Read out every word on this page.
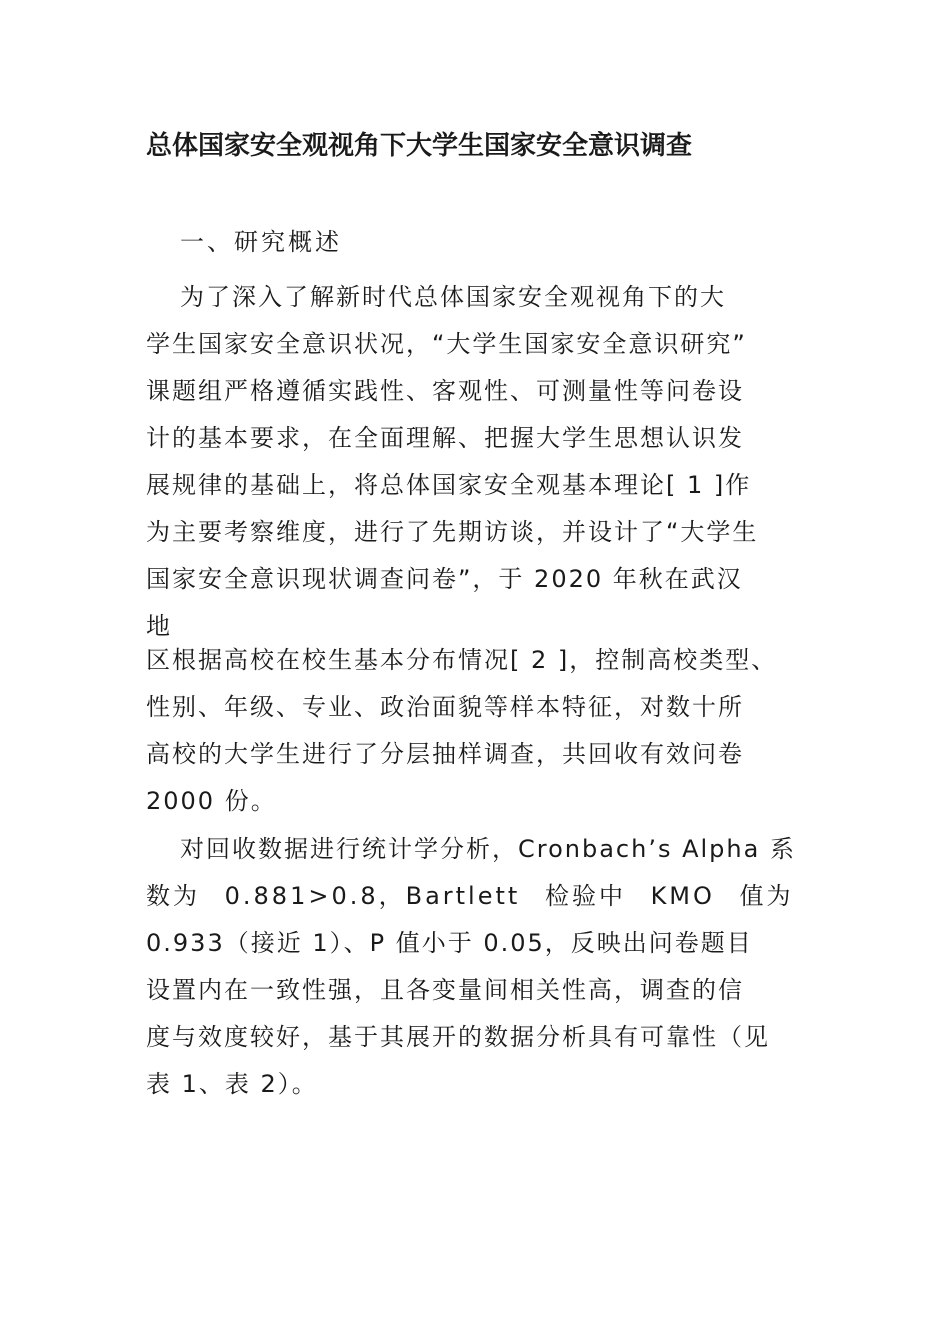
总体国家安全观视角下大学生国家安全意识调查
一、研究概述
为了深入了解新时代总体国家安全观视角下的大
学生国家安全意识状况，“大学生国家安全意识研究”
课题组严格遵循实践性、客观性、可测量性等问卷设
计的基本要求，在全面理解、把握大学生思想认识发
展规律的基础上，将总体国家安全观基本理论[ 1 ]作
为主要考察维度，进行了先期访谈，并设计了“大学生
国家安全意识现状调查问卷”，于 2020 年秋在武汉
地
区根据高校在校生基本分布情况[ 2 ]，控制高校类型、
性别、年级、专业、政治面貌等样本特征，对数十所
高校的大学生进行了分层抽样调查，共回收有效问卷
2000 份。
对回收数据进行统计学分析，Cronbach’s Alpha 系
数为 0.881>0.8，Bartlett 检验中 KMO 值为
0.933（接近 1）、P 值小于 0.05，反映出问卷题目
设置内在一致性强，且各变量间相关性高，调查的信
度与效度较好，基于其展开的数据分析具有可靠性（见
表 1、表 2）。
